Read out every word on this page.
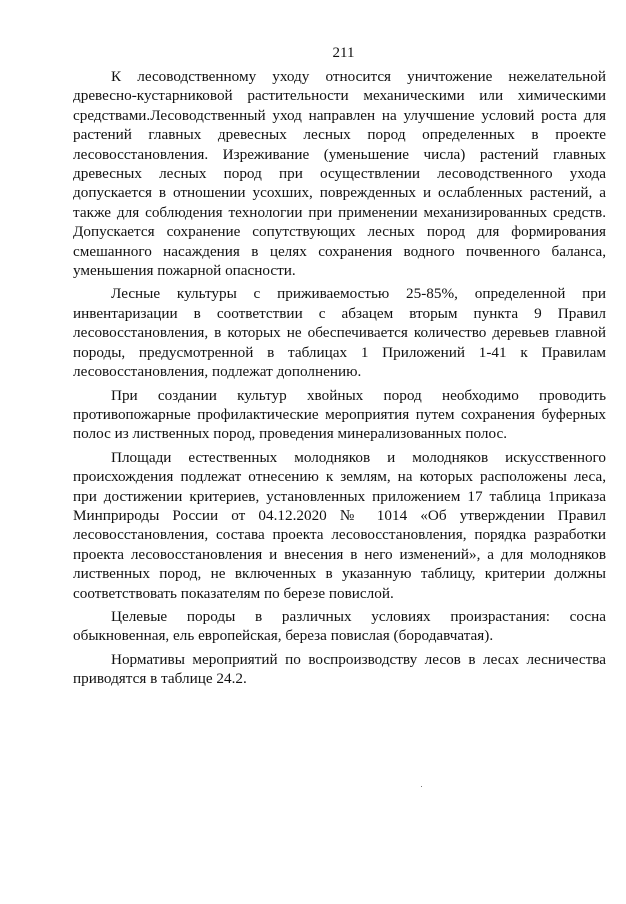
211

К лесоводственному уходу относится уничтожение нежелательной древесно-кустарниковой растительности механическими или химическими средствами.Лесоводственный уход направлен на улучшение условий роста для растений главных древесных лесных пород определенных в проекте лесовосстановления. Изреживание (уменьшение числа) растений главных древесных лесных пород при осуществлении лесоводственного ухода допускается в отношении усохших, поврежденных и ослабленных растений, а также для соблюдения технологии при применении механизированных средств. Допускается сохранение сопутствующих лесных пород для формирования смешанного насаждения в целях сохранения водного почвенного баланса, уменьшения пожарной опасности.

Лесные культуры с приживаемостью 25-85%, определенной при инвентаризации в соответствии с абзацем вторым пункта 9 Правил лесовосстановления, в которых не обеспечивается количество деревьев главной породы, предусмотренной в таблицах 1 Приложений 1-41 к Правилам лесовосстановления, подлежат дополнению.

При создании культур хвойных пород необходимо проводить противопожарные профилактические мероприятия путем сохранения буферных полос из лиственных пород, проведения минерализованных полос.

Площади естественных молодняков и молодняков искусственного происхождения подлежат отнесению к землям, на которых расположены леса, при достижении критериев, установленных приложением 17 таблица 1приказа Минприроды России от 04.12.2020 № 1014 «Об утверждении Правил лесовосстановления, состава проекта лесовосстановления, порядка разработки проекта лесовосстановления и внесения в него изменений», а для молодняков лиственных пород, не включенных в указанную таблицу, критерии должны соответствовать показателям по березе повислой.

Целевые породы в различных условиях произрастания: сосна обыкновенная, ель европейская, береза повислая (бородавчатая).

Нормативы мероприятий по воспроизводству лесов в лесах лесничества приводятся в таблице 24.2.
